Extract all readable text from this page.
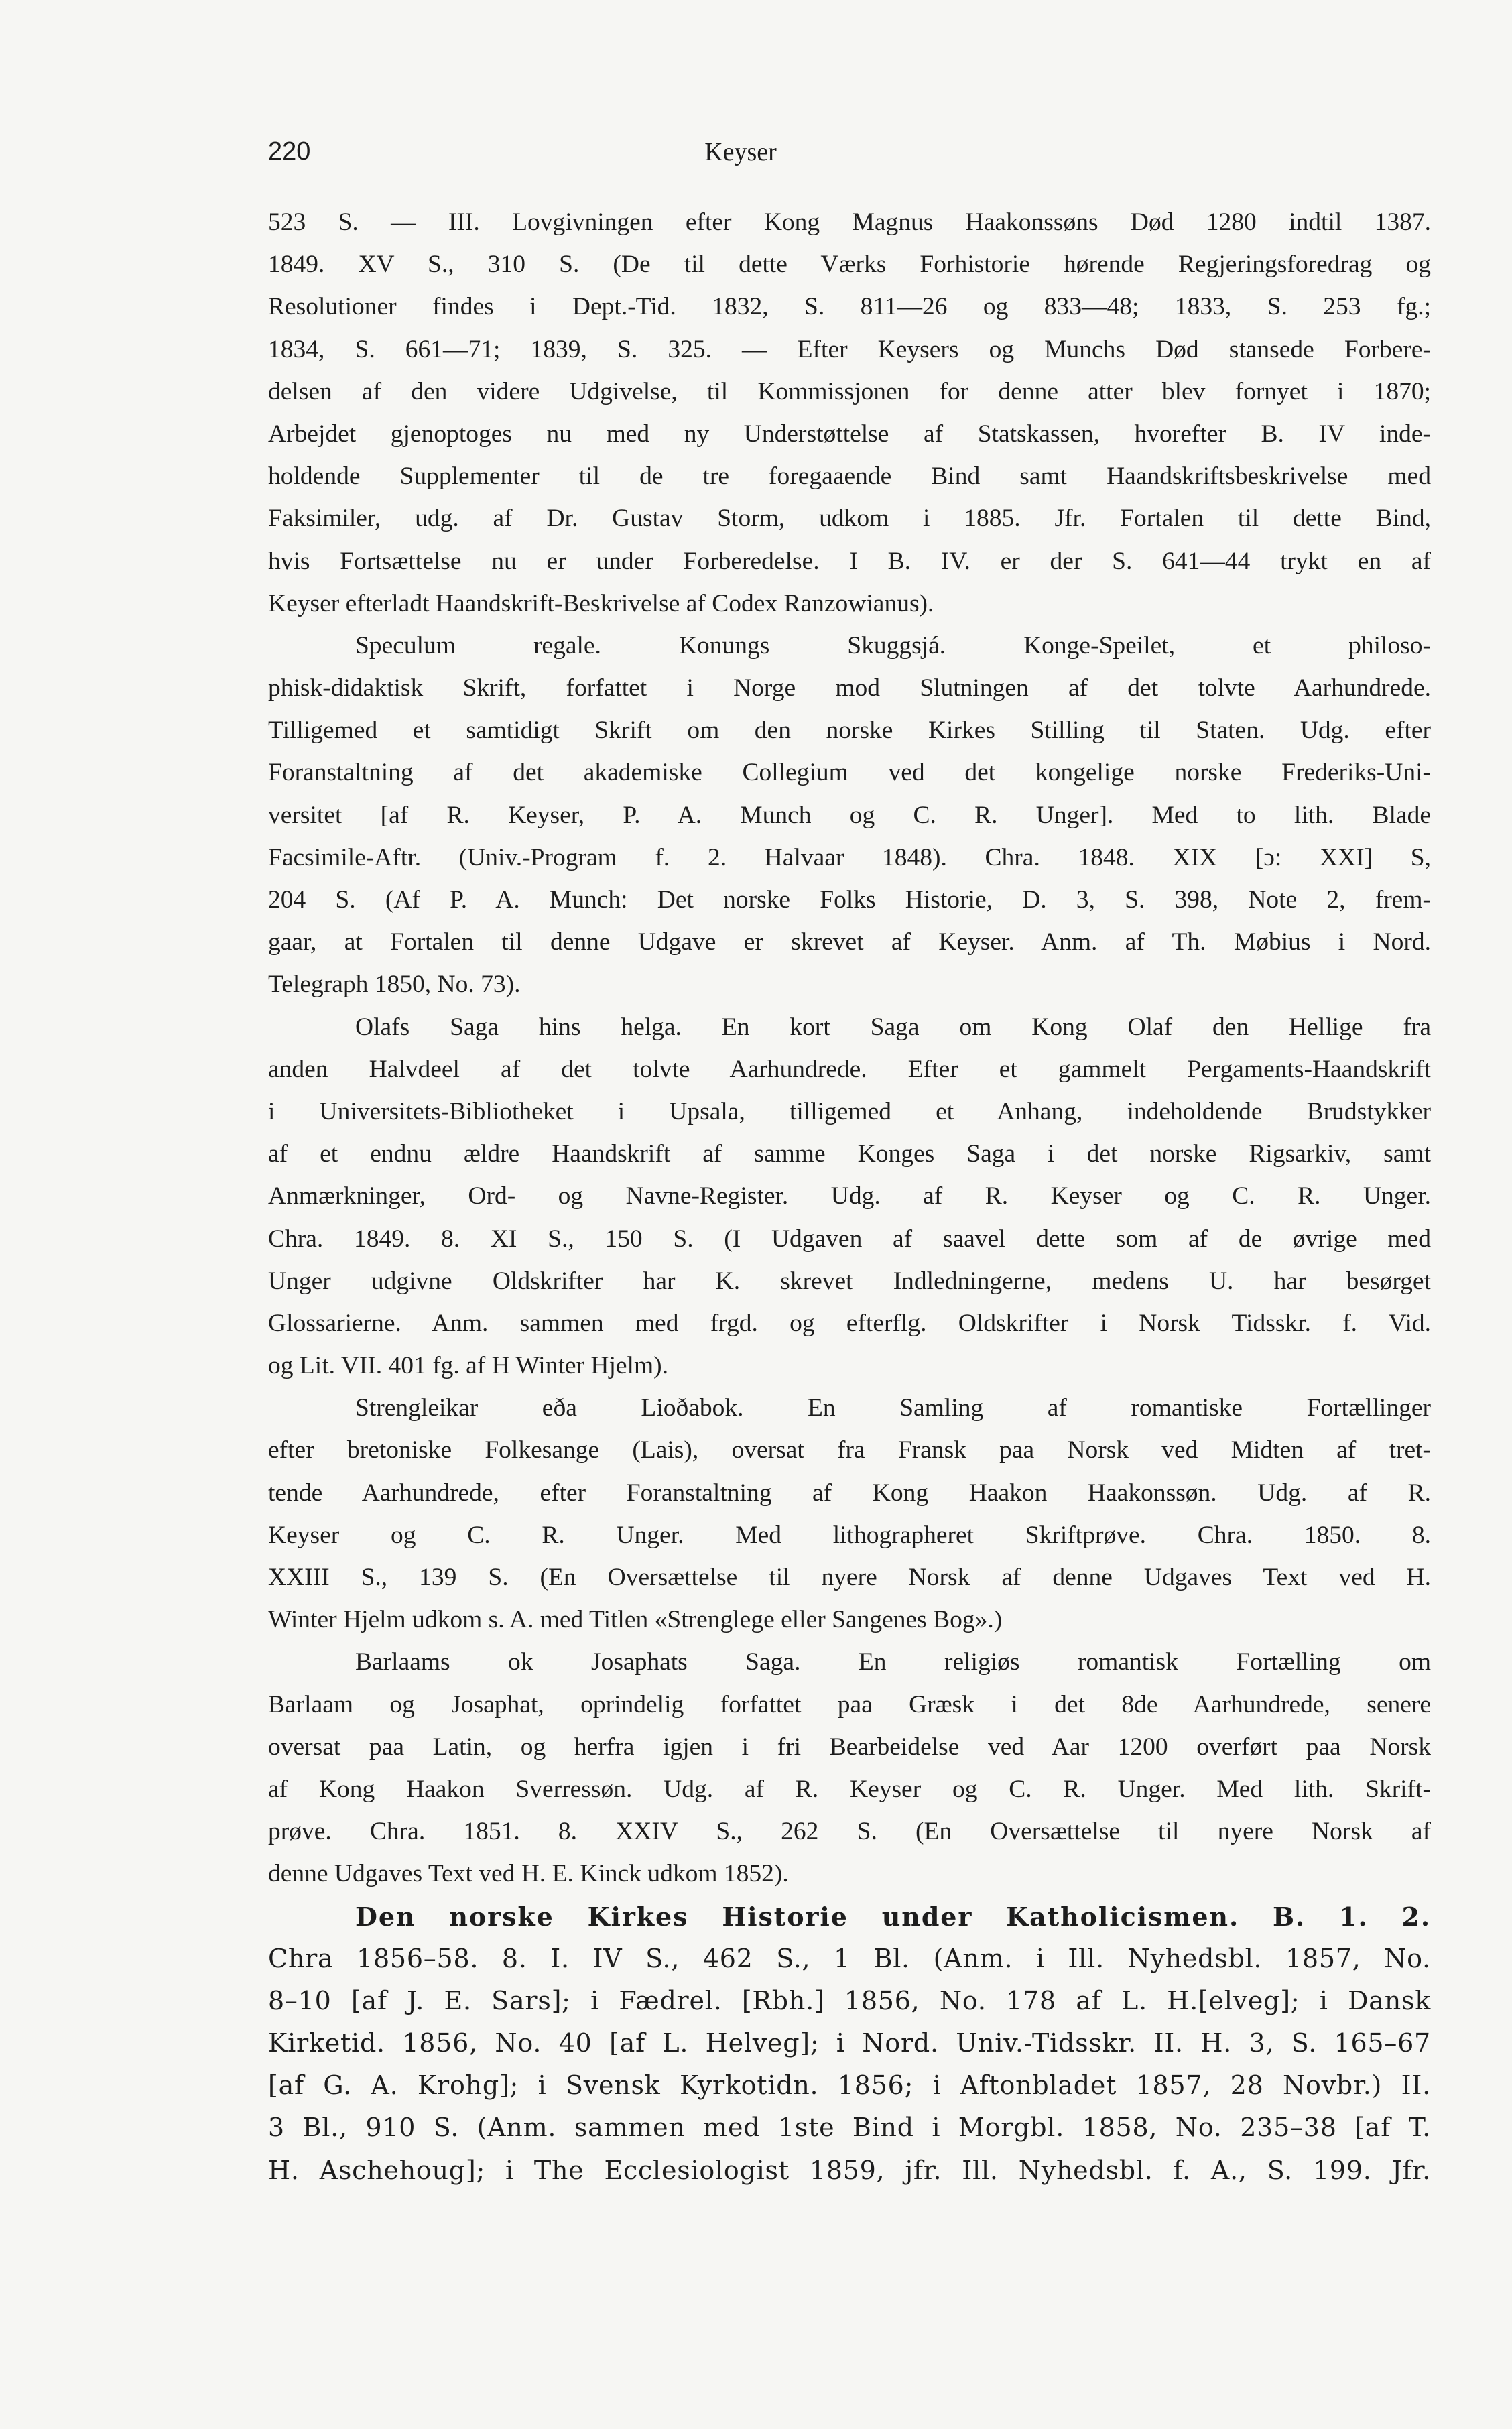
220	Keyser
523 S. — III. Lovgivningen efter Kong Magnus Haakonssøns Død 1280 indtil 1387.
1849. XV S., 310 S. (De til dette Værks Forhistorie hørende Regjeringsforedrag og
Resolutioner findes i Dept.-Tid. 1832, S. 811—26 og 833—48; 1833, S. 253 fg.;
1834, S. 661—71; 1839, S. 325. — Efter Keysers og Munchs Død stansede Forbere-
delsen af den videre Udgivelse, til Kommissjonen for denne atter blev fornyet i 1870;
Arbejdet gjenoptoges nu med ny Understøttelse af Statskassen, hvorefter B. IV inde-
holdende Supplementer til de tre foregaaende Bind samt Haandskriftsbeskrivelse med
Faksimiler, udg. af Dr. Gustav Storm, udkom i 1885. Jfr. Fortalen til dette Bind,
hvis Fortsættelse nu er under Forberedelse. I B. IV. er der S. 641—44 trykt en af
Keyser efterladt Haandskrift-Beskrivelse af Codex Ranzowianus).
Speculum regale. Konungs Skuggsjá. Konge-Speilet, et philoso-
phisk-didaktisk Skrift, forfattet i Norge mod Slutningen af det tolvte Aarhundrede.
Tilligemed et samtidigt Skrift om den norske Kirkes Stilling til Staten. Udg. efter
Foranstaltning af det akademiske Collegium ved det kongelige norske Frederiks-Uni-
versitet [af R. Keyser, P. A. Munch og C. R. Unger]. Med to lith. Blade
Facsimile-Aftr. (Univ.-Program f. 2. Halvaar 1848). Chra. 1848. XIX [ɔ: XXI] S,
204 S. (Af P. A. Munch: Det norske Folks Historie, D. 3, S. 398, Note 2, frem-
gaar, at Fortalen til denne Udgave er skrevet af Keyser. Anm. af Th. Møbius i Nord.
Telegraph 1850, No. 73).
Olafs Saga hins helga. En kort Saga om Kong Olaf den Hellige fra
anden Halvdeel af det tolvte Aarhundrede. Efter et gammelt Pergaments-Haandskrift
i Universitets-Bibliotheket i Upsala, tilligemed et Anhang, indeholdende Brudstykker
af et endnu ældre Haandskrift af samme Konges Saga i det norske Rigsarkiv, samt
Anmærkninger, Ord- og Navne-Register. Udg. af R. Keyser og C. R. Unger.
Chra. 1849. 8. XI S., 150 S. (I Udgaven af saavel dette som af de øvrige med
Unger udgivne Oldskrifter har K. skrevet Indledningerne, medens U. har besørget
Glossarierne. Anm. sammen med frgd. og efterflg. Oldskrifter i Norsk Tidsskr. f. Vid.
og Lit. VII. 401 fg. af H Winter Hjelm).
Strengleikar eða Lioðabok. En Samling af romantiske Fortællinger
efter bretoniske Folkesange (Lais), oversat fra Fransk paa Norsk ved Midten af tret-
tende Aarhundrede, efter Foranstaltning af Kong Haakon Haakonssøn. Udg. af R.
Keyser og C. R. Unger. Med lithographeret Skriftprøve. Chra. 1850. 8.
XXIII S., 139 S. (En Oversættelse til nyere Norsk af denne Udgaves Text ved H.
Winter Hjelm udkom s. A. med Titlen «Strenglege eller Sangenes Bog».)
Barlaams ok Josaphats Saga. En religiøs romantisk Fortælling om
Barlaam og Josaphat, oprindelig forfattet paa Græsk i det 8de Aarhundrede, senere
oversat paa Latin, og herfra igjen i fri Bearbeidelse ved Aar 1200 overført paa Norsk
af Kong Haakon Sverressøn. Udg. af R. Keyser og C. R. Unger. Med lith. Skrift-
prøve. Chra. 1851. 8. XXIV S., 262 S. (En Oversættelse til nyere Norsk af
denne Udgaves Text ved H. E. Kinck udkom 1852).
Den norske Kirkes Historie under Katholicismen. B. 1. 2.
Chra 1856–58. 8. I. IV S., 462 S., 1 Bl. (Anm. i Ill. Nyhedsbl. 1857, No.
8–10 [af J. E. Sars]; i Fædrel. [Rbh.] 1856, No. 178 af L. H.[elveg]; i Dansk
Kirketid. 1856, No. 40 [af L. Helveg]; i Nord. Univ.-Tidsskr. II. H. 3, S. 165–67
[af G. A. Krohg]; i Svensk Kyrkotidn. 1856; i Aftonbladet 1857, 28 Novbr.) II.
3 Bl., 910 S. (Anm. sammen med 1ste Bind i Morgbl. 1858, No. 235–38 [af T.
H. Aschehoug]; i The Ecclesiologist 1859, jfr. Ill. Nyhedsbl. f. A., S. 199. Jfr.
